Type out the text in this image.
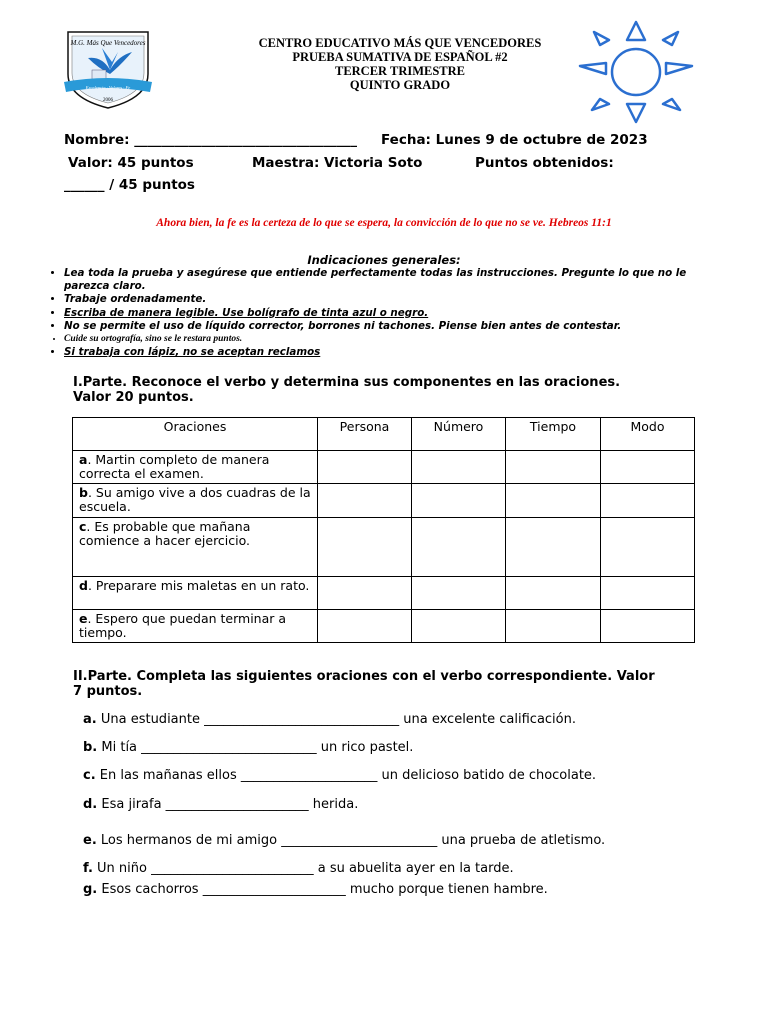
M.G. Más Que Vencedores
Excelencia · Valores · Fe
2006
CENTRO EDUCATIVO MÁS QUE VENCEDORES
PRUEBA SUMATIVA DE ESPAÑOL #2
TERCER TRIMESTRE
QUINTO GRADO
Nombre: _________________________________ Fecha: Lunes 9 de octubre de 2023
Valor: 45 puntos	Maestra: Victoria Soto	Puntos obtenidos:
______ / 45 puntos
Ahora bien, la fe es la certeza de lo que se espera, la convicción de lo que no se ve. Hebreos 11:1
Indicaciones generales:
• Lea toda la prueba y asegúrese que entiende perfectamente todas las instrucciones. Pregunte lo que no le parezca claro.
• Trabaje ordenadamente.
• Escriba de manera legible. Use bolígrafo de tinta azul o negro.
• No se permite el uso de líquido corrector, borrones ni tachones. Piense bien antes de contestar.
• Cuide su ortografía, sino se le restara puntos.
• Si trabaja con lápiz, no se aceptan reclamos
I.Parte. Reconoce el verbo y determina sus componentes en las oraciones.
Valor 20 puntos.
Oraciones	Persona	Número	Tiempo	Modo
a. Martin completo de manera correcta el examen.				
b. Su amigo vive a dos cuadras de la escuela.				
c. Es probable que mañana comience a hacer ejercicio.				
d. Preparare mis maletas en un rato.				
e. Espero que puedan terminar a tiempo.				
II.Parte. Completa las siguientes oraciones con el verbo correspondiente. Valor
7 puntos.
a. Una estudiante ______________________________ una excelente calificación.
b. Mi tía ___________________________ un rico pastel.
c. En las mañanas ellos _____________________ un delicioso batido de chocolate.
d. Esa jirafa ______________________ herida.
e. Los hermanos de mi amigo ________________________ una prueba de atletismo.
f. Un niño _________________________ a su abuelita ayer en la tarde.
g. Esos cachorros ______________________ mucho porque tienen hambre.
